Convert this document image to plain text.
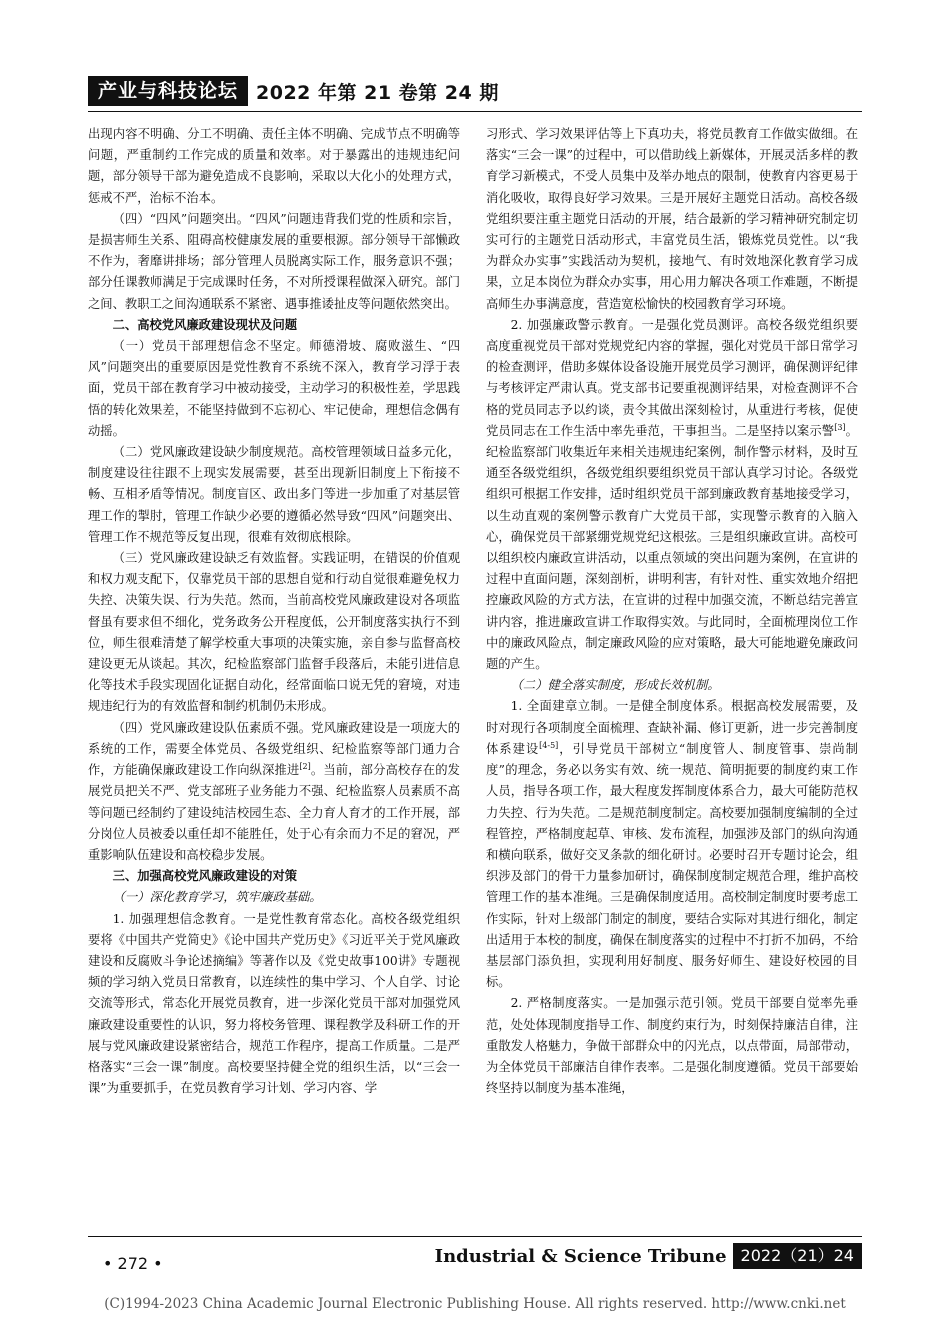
产业与科技论坛 2022 年第 21 卷第 24 期

出现内容不明确、分工不明确、责任主体不明确、完成节点不明确等问题，严重制约工作完成的质量和效率。对于暴露出的违规违纪问题，部分领导干部为避免造成不良影响，采取以大化小的处理方式，惩戒不严，治标不治本。

（四）“四风”问题突出。“四风”问题违背我们党的性质和宗旨，是损害师生关系、阻碍高校健康发展的重要根源。部分领导干部懒政不作为，奢靡讲排场；部分管理人员脱离实际工作，服务意识不强；部分任课教师满足于完成课时任务，不对所授课程做深入研究。部门之间、教职工之间沟通联系不紧密、遇事推诿扯皮等问题依然突出。

二、高校党风廉政建设现状及问题

（一）党员干部理想信念不坚定。师德滑坡、腐败滋生、“四风”问题突出的重要原因是党性教育不系统不深入，教育学习浮于表面，党员干部在教育学习中被动接受，主动学习的积极性差，学思践悟的转化效果差，不能坚持做到不忘初心、牢记使命，理想信念偶有动摇。

（二）党风廉政建设缺少制度规范。高校管理领域日益多元化，制度建设往往跟不上现实发展需要，甚至出现新旧制度上下衔接不畅、互相矛盾等情况。制度盲区、政出多门等进一步加重了对基层管理工作的掣肘，管理工作缺少必要的遵循必然导致“四风”问题突出、管理工作不规范等反复出现，很难有效彻底根除。

（三）党风廉政建设缺乏有效监督。实践证明，在错误的价值观和权力观支配下，仅靠党员干部的思想自觉和行动自觉很难避免权力失控、决策失误、行为失范。然而，当前高校党风廉政建设对各项监督虽有要求但不细化，党务政务公开程度低，公开制度落实执行不到位，师生很难清楚了解学校重大事项的决策实施，亲自参与监督高校建设更无从谈起。其次，纪检监察部门监督手段落后，未能引进信息化等技术手段实现固化证据自动化，经常面临口说无凭的窘境，对违规违纪行为的有效监督和制约机制仍未形成。

（四）党风廉政建设队伍素质不强。党风廉政建设是一项庞大的系统的工作，需要全体党员、各级党组织、纪检监察等部门通力合作，方能确保廉政建设工作向纵深推进[2]。当前，部分高校存在的发展党员把关不严、党支部班子业务能力不强、纪检监察人员素质不高等问题已经制约了建设纯洁校园生态、全力育人育才的工作开展，部分岗位人员被委以重任却不能胜任，处于心有余而力不足的窘况，严重影响队伍建设和高校稳步发展。

三、加强高校党风廉政建设的对策

（一）深化教育学习，筑牢廉政基础。

1. 加强理想信念教育。一是党性教育常态化。高校各级党组织要将《中国共产党简史》《论中国共产党历史》《习近平关于党风廉政建设和反腐败斗争论述摘编》等著作以及《党史故事100讲》专题视频的学习纳入党员日常教育，以连续性的集中学习、个人自学、讨论交流等形式，常态化开展党员教育，进一步深化党员干部对加强党风廉政建设重要性的认识，努力将校务管理、课程教学及科研工作的开展与党风廉政建设紧密结合，规范工作程序，提高工作质量。二是严格落实“三会一课”制度。高校要坚持健全党的组织生活，以“三会一课”为重要抓手，在党员教育学习计划、学习内容、学

习形式、学习效果评估等上下真功夫，将党员教育工作做实做细。在落实“三会一课”的过程中，可以借助线上新媒体，开展灵活多样的教育学习新模式，不受人员集中及举办地点的限制，使教育内容更易于消化吸收，取得良好学习效果。三是开展好主题党日活动。高校各级党组织要注重主题党日活动的开展，结合最新的学习精神研究制定切实可行的主题党日活动形式，丰富党员生活，锻炼党员党性。以“我为群众办实事”实践活动为契机，接地气、有时效地深化教育学习成果，立足本岗位为群众办实事，用心用力解决各项工作难题，不断提高师生办事满意度，营造宽松愉快的校园教育学习环境。

2. 加强廉政警示教育。一是强化党员测评。高校各级党组织要高度重视党员干部对党规党纪内容的掌握，强化对党员干部日常学习的检查测评，借助多媒体设备设施开展党员学习测评，确保测评纪律与考核评定严肃认真。党支部书记要重视测评结果，对检查测评不合格的党员同志予以约谈，责令其做出深刻检讨，从重进行考核，促使党员同志在工作生活中率先垂范，干事担当。二是坚持以案示警[3]。纪检监察部门收集近年来相关违规违纪案例，制作警示材料，及时互通至各级党组织，各级党组织要组织党员干部认真学习讨论。各级党组织可根据工作安排，适时组织党员干部到廉政教育基地接受学习，以生动直观的案例警示教育广大党员干部，实现警示教育的入脑入心，确保党员干部紧绷党规党纪这根弦。三是组织廉政宣讲。高校可以组织校内廉政宣讲活动，以重点领域的突出问题为案例，在宣讲的过程中直面问题，深刻剖析，讲明利害，有针对性、重实效地介绍把控廉政风险的方式方法，在宣讲的过程中加强交流，不断总结完善宣讲内容，推进廉政宣讲工作取得实效。与此同时，全面梳理岗位工作中的廉政风险点，制定廉政风险的应对策略，最大可能地避免廉政问题的产生。

（二）健全落实制度，形成长效机制。

1. 全面建章立制。一是健全制度体系。根据高校发展需要，及时对现行各项制度全面梳理、查缺补漏、修订更新，进一步完善制度体系建设[4-5]，引导党员干部树立“制度管人、制度管事、崇尚制度”的理念，务必以务实有效、统一规范、简明扼要的制度约束工作人员，指导各项工作，最大程度发挥制度体系合力，最大可能防范权力失控、行为失范。二是规范制度制定。高校要加强制度编制的全过程管控，严格制度起草、审核、发布流程，加强涉及部门的纵向沟通和横向联系，做好交叉条款的细化研讨。必要时召开专题讨论会，组织涉及部门的骨干力量参加研讨，确保制度制定规范合理，维护高校管理工作的基本准绳。三是确保制度适用。高校制定制度时要考虑工作实际，针对上级部门制定的制度，要结合实际对其进行细化，制定出适用于本校的制度，确保在制度落实的过程中不打折不加码，不给基层部门添负担，实现利用好制度、服务好师生、建设好校园的目标。

2. 严格制度落实。一是加强示范引领。党员干部要自觉率先垂范，处处体现制度指导工作、制度约束行为，时刻保持廉洁自律，注重散发人格魅力，争做干部群众中的闪光点，以点带面，局部带动，为全体党员干部廉洁自律作表率。二是强化制度遵循。党员干部要始终坚持以制度为基本准绳，

• 272 •	Industrial & Science Tribune 2022（21）24
(C)1994-2023 China Academic Journal Electronic Publishing House. All rights reserved. http://www.cnki.net
